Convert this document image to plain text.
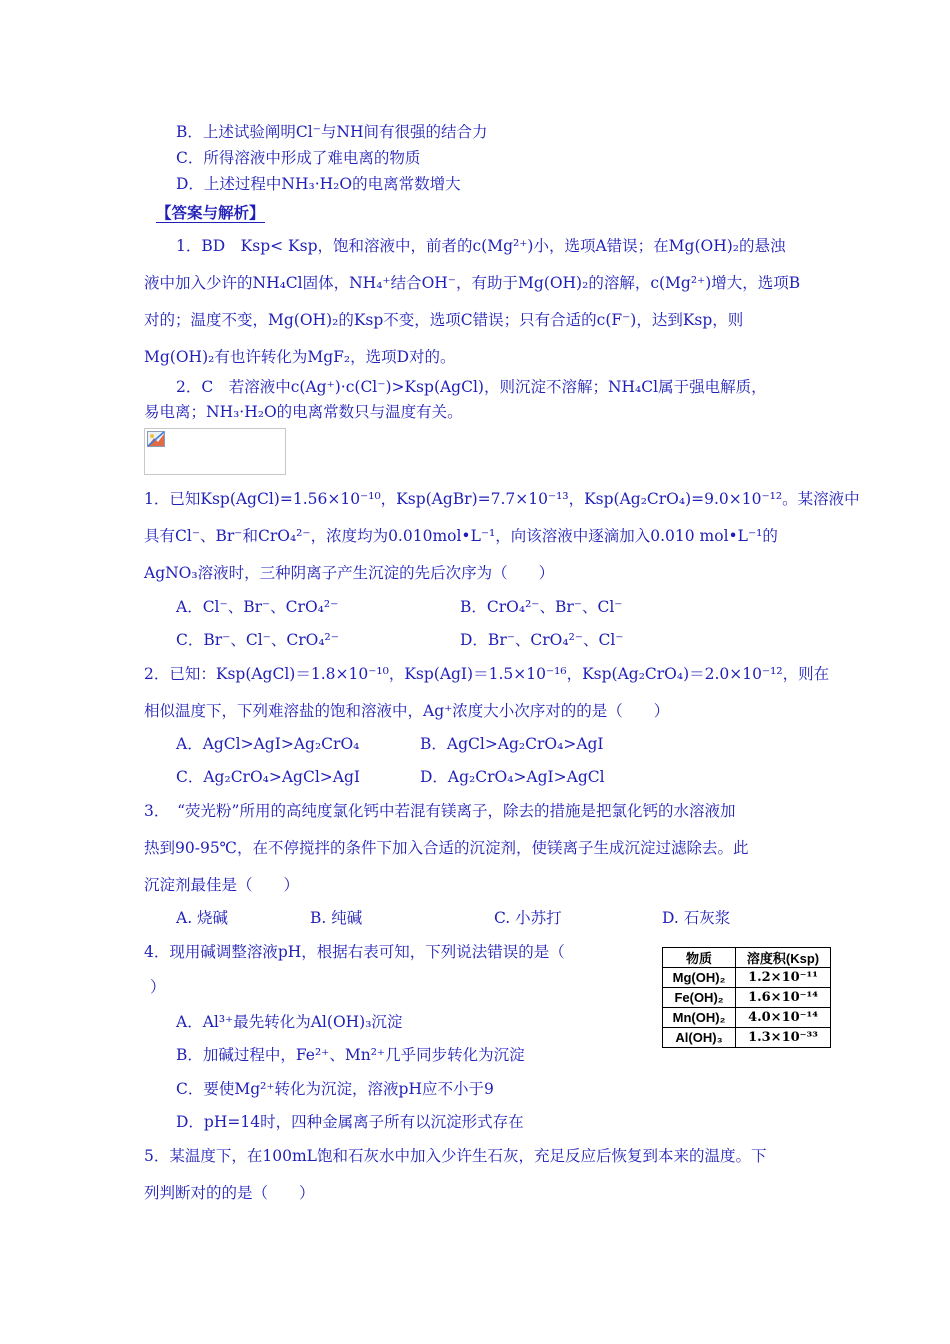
B．上述试验阐明Cl⁻与NH间有很强的结合力
C．所得溶液中形成了难电离的物质
D．上述过程中NH₃·H₂O的电离常数增大
【答案与解析】
1．BD　Ksp< Ksp，饱和溶液中，前者的c(Mg²⁺)小，选项A错误；在Mg(OH)₂的悬浊
液中加入少许的NH₄Cl固体，NH₄⁺结合OH⁻，有助于Mg(OH)₂的溶解，c(Mg²⁺)增大，选项B
对的；温度不变，Mg(OH)₂的Ksp不变，选项C错误；只有合适的c(F⁻)，达到Ksp，则
Mg(OH)₂有也许转化为MgF₂，选项D对的。
2．C　若溶液中c(Ag⁺)·c(Cl⁻)>Ksp(AgCl)，则沉淀不溶解；NH₄Cl属于强电解质，
易电离；NH₃·H₂O的电离常数只与温度有关。
1．已知Ksp(AgCl)=1.56×10⁻¹⁰，Ksp(AgBr)=7.7×10⁻¹³，Ksp(Ag₂CrO₄)=9.0×10⁻¹²。某溶液中
具有Cl⁻、Br⁻和CrO₄²⁻，浓度均为0.010mol•L⁻¹，向该溶液中逐滴加入0.010 mol•L⁻¹的
AgNO₃溶液时，三种阴离子产生沉淀的先后次序为（　　）
A．Cl⁻、Br⁻、CrO₄²⁻	B．CrO₄²⁻、Br⁻、Cl⁻
C．Br⁻、Cl⁻、CrO₄²⁻	D．Br⁻、CrO₄²⁻、Cl⁻
2．已知：Ksp(AgCl)＝1.8×10⁻¹⁰，Ksp(AgI)＝1.5×10⁻¹⁶，Ksp(Ag₂CrO₄)＝2.0×10⁻¹²，则在
相似温度下，下列难溶盐的饱和溶液中，Ag⁺浓度大小次序对的的是（　　）
A．AgCl>AgI>Ag₂CrO₄	B．AgCl>Ag₂CrO₄>AgI
C．Ag₂CrO₄>AgCl>AgI	D．Ag₂CrO₄>AgI>AgCl
3．　“荧光粉”所用的高纯度氯化钙中若混有镁离子，除去的措施是把氯化钙的水溶液加
热到90-95℃，在不停搅拌的条件下加入合适的沉淀剂，使镁离子生成沉淀过滤除去。此
沉淀剂最佳是（　　）
A. 烧碱	B. 纯碱	C. 小苏打	D. 石灰浆
4．现用碱调整溶液pH，根据右表可知，下列说法错误的是（
）
A．Al³⁺最先转化为Al(OH)₃沉淀
B．加碱过程中，Fe²⁺、Mn²⁺几乎同步转化为沉淀
C．要使Mg²⁺转化为沉淀，溶液pH应不小于9
D．pH=14时，四种金属离子所有以沉淀形式存在
物质	溶度积(Ksp)
Mg(OH)₂	1.2×10⁻¹¹
Fe(OH)₂	1.6×10⁻¹⁴
Mn(OH)₂	4.0×10⁻¹⁴
Al(OH)₃	1.3×10⁻³³
5．某温度下，在100mL饱和石灰水中加入少许生石灰，充足反应后恢复到本来的温度。下
列判断对的的是（　　）
